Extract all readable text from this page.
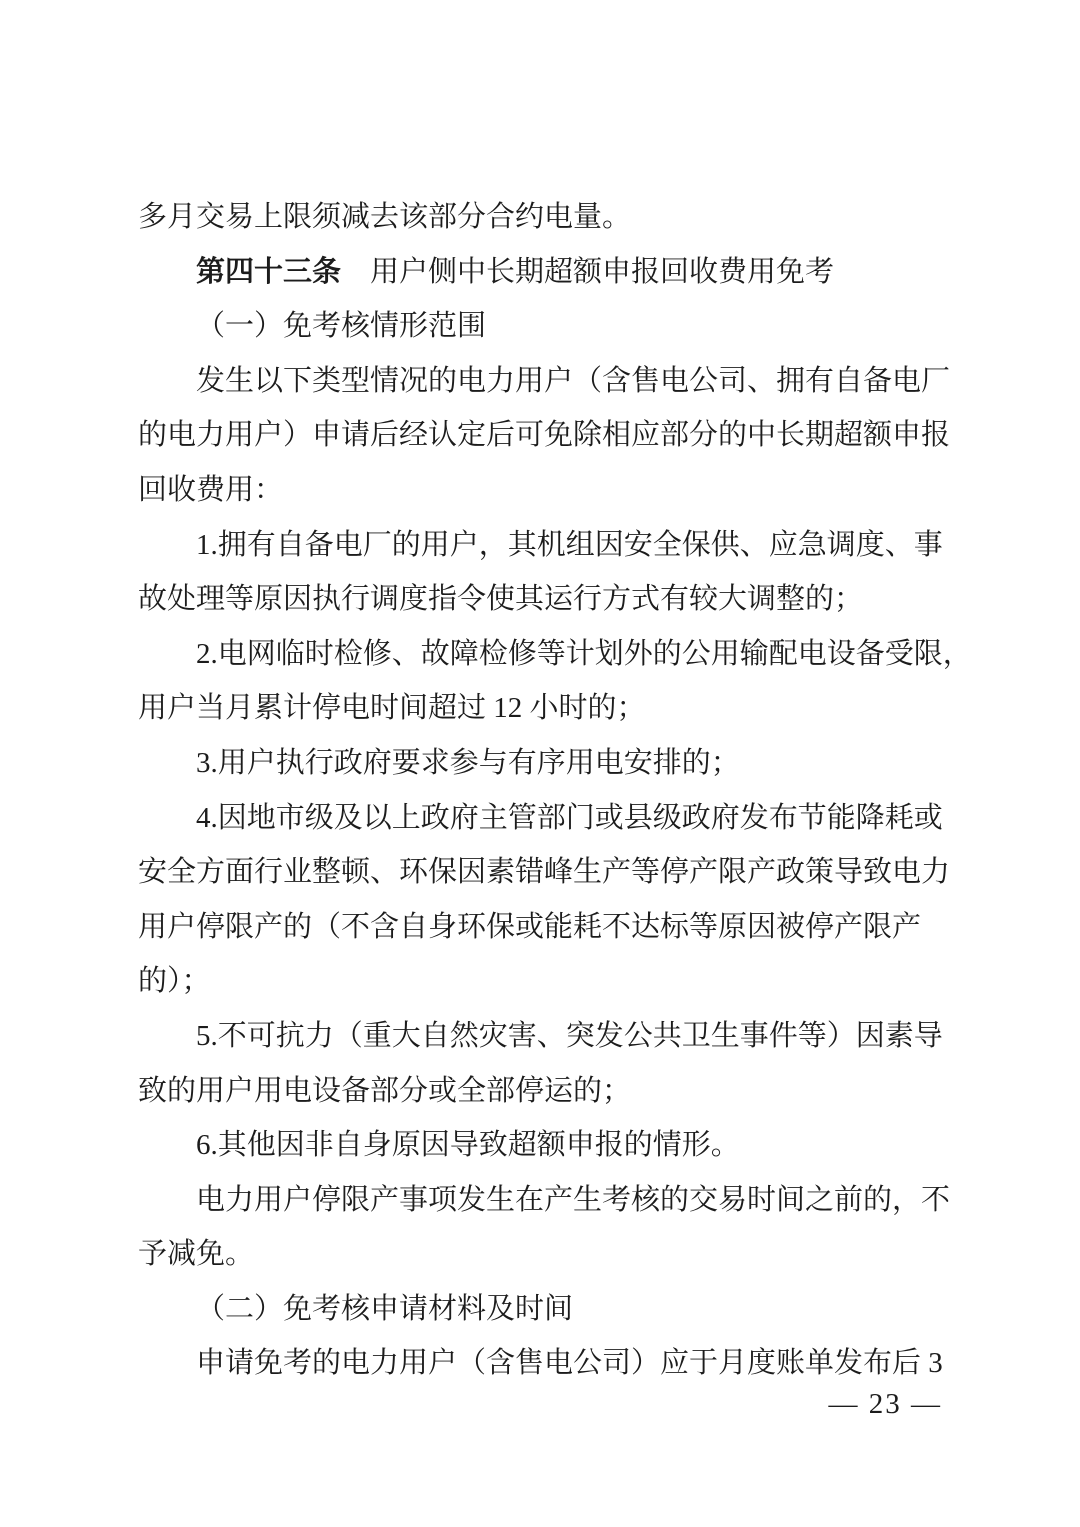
多月交易上限须减去该部分合约电量。
第四十三条 用户侧中长期超额申报回收费用免考
（一）免考核情形范围
发生以下类型情况的电力用户（含售电公司、拥有自备电厂
的电力用户）申请后经认定后可免除相应部分的中长期超额申报
回收费用：
1.拥有自备电厂的用户，其机组因安全保供、应急调度、事
故处理等原因执行调度指令使其运行方式有较大调整的；
2.电网临时检修、故障检修等计划外的公用输配电设备受限，
用户当月累计停电时间超过 12 小时的；
3.用户执行政府要求参与有序用电安排的；
4.因地市级及以上政府主管部门或县级政府发布节能降耗或
安全方面行业整顿、环保因素错峰生产等停产限产政策导致电力
用户停限产的（不含自身环保或能耗不达标等原因被停产限产
的）；
5.不可抗力（重大自然灾害、突发公共卫生事件等）因素导
致的用户用电设备部分或全部停运的；
6.其他因非自身原因导致超额申报的情形。
电力用户停限产事项发生在产生考核的交易时间之前的，不
予减免。
（二）免考核申请材料及时间
申请免考的电力用户（含售电公司）应于月度账单发布后 3
— 23 —
